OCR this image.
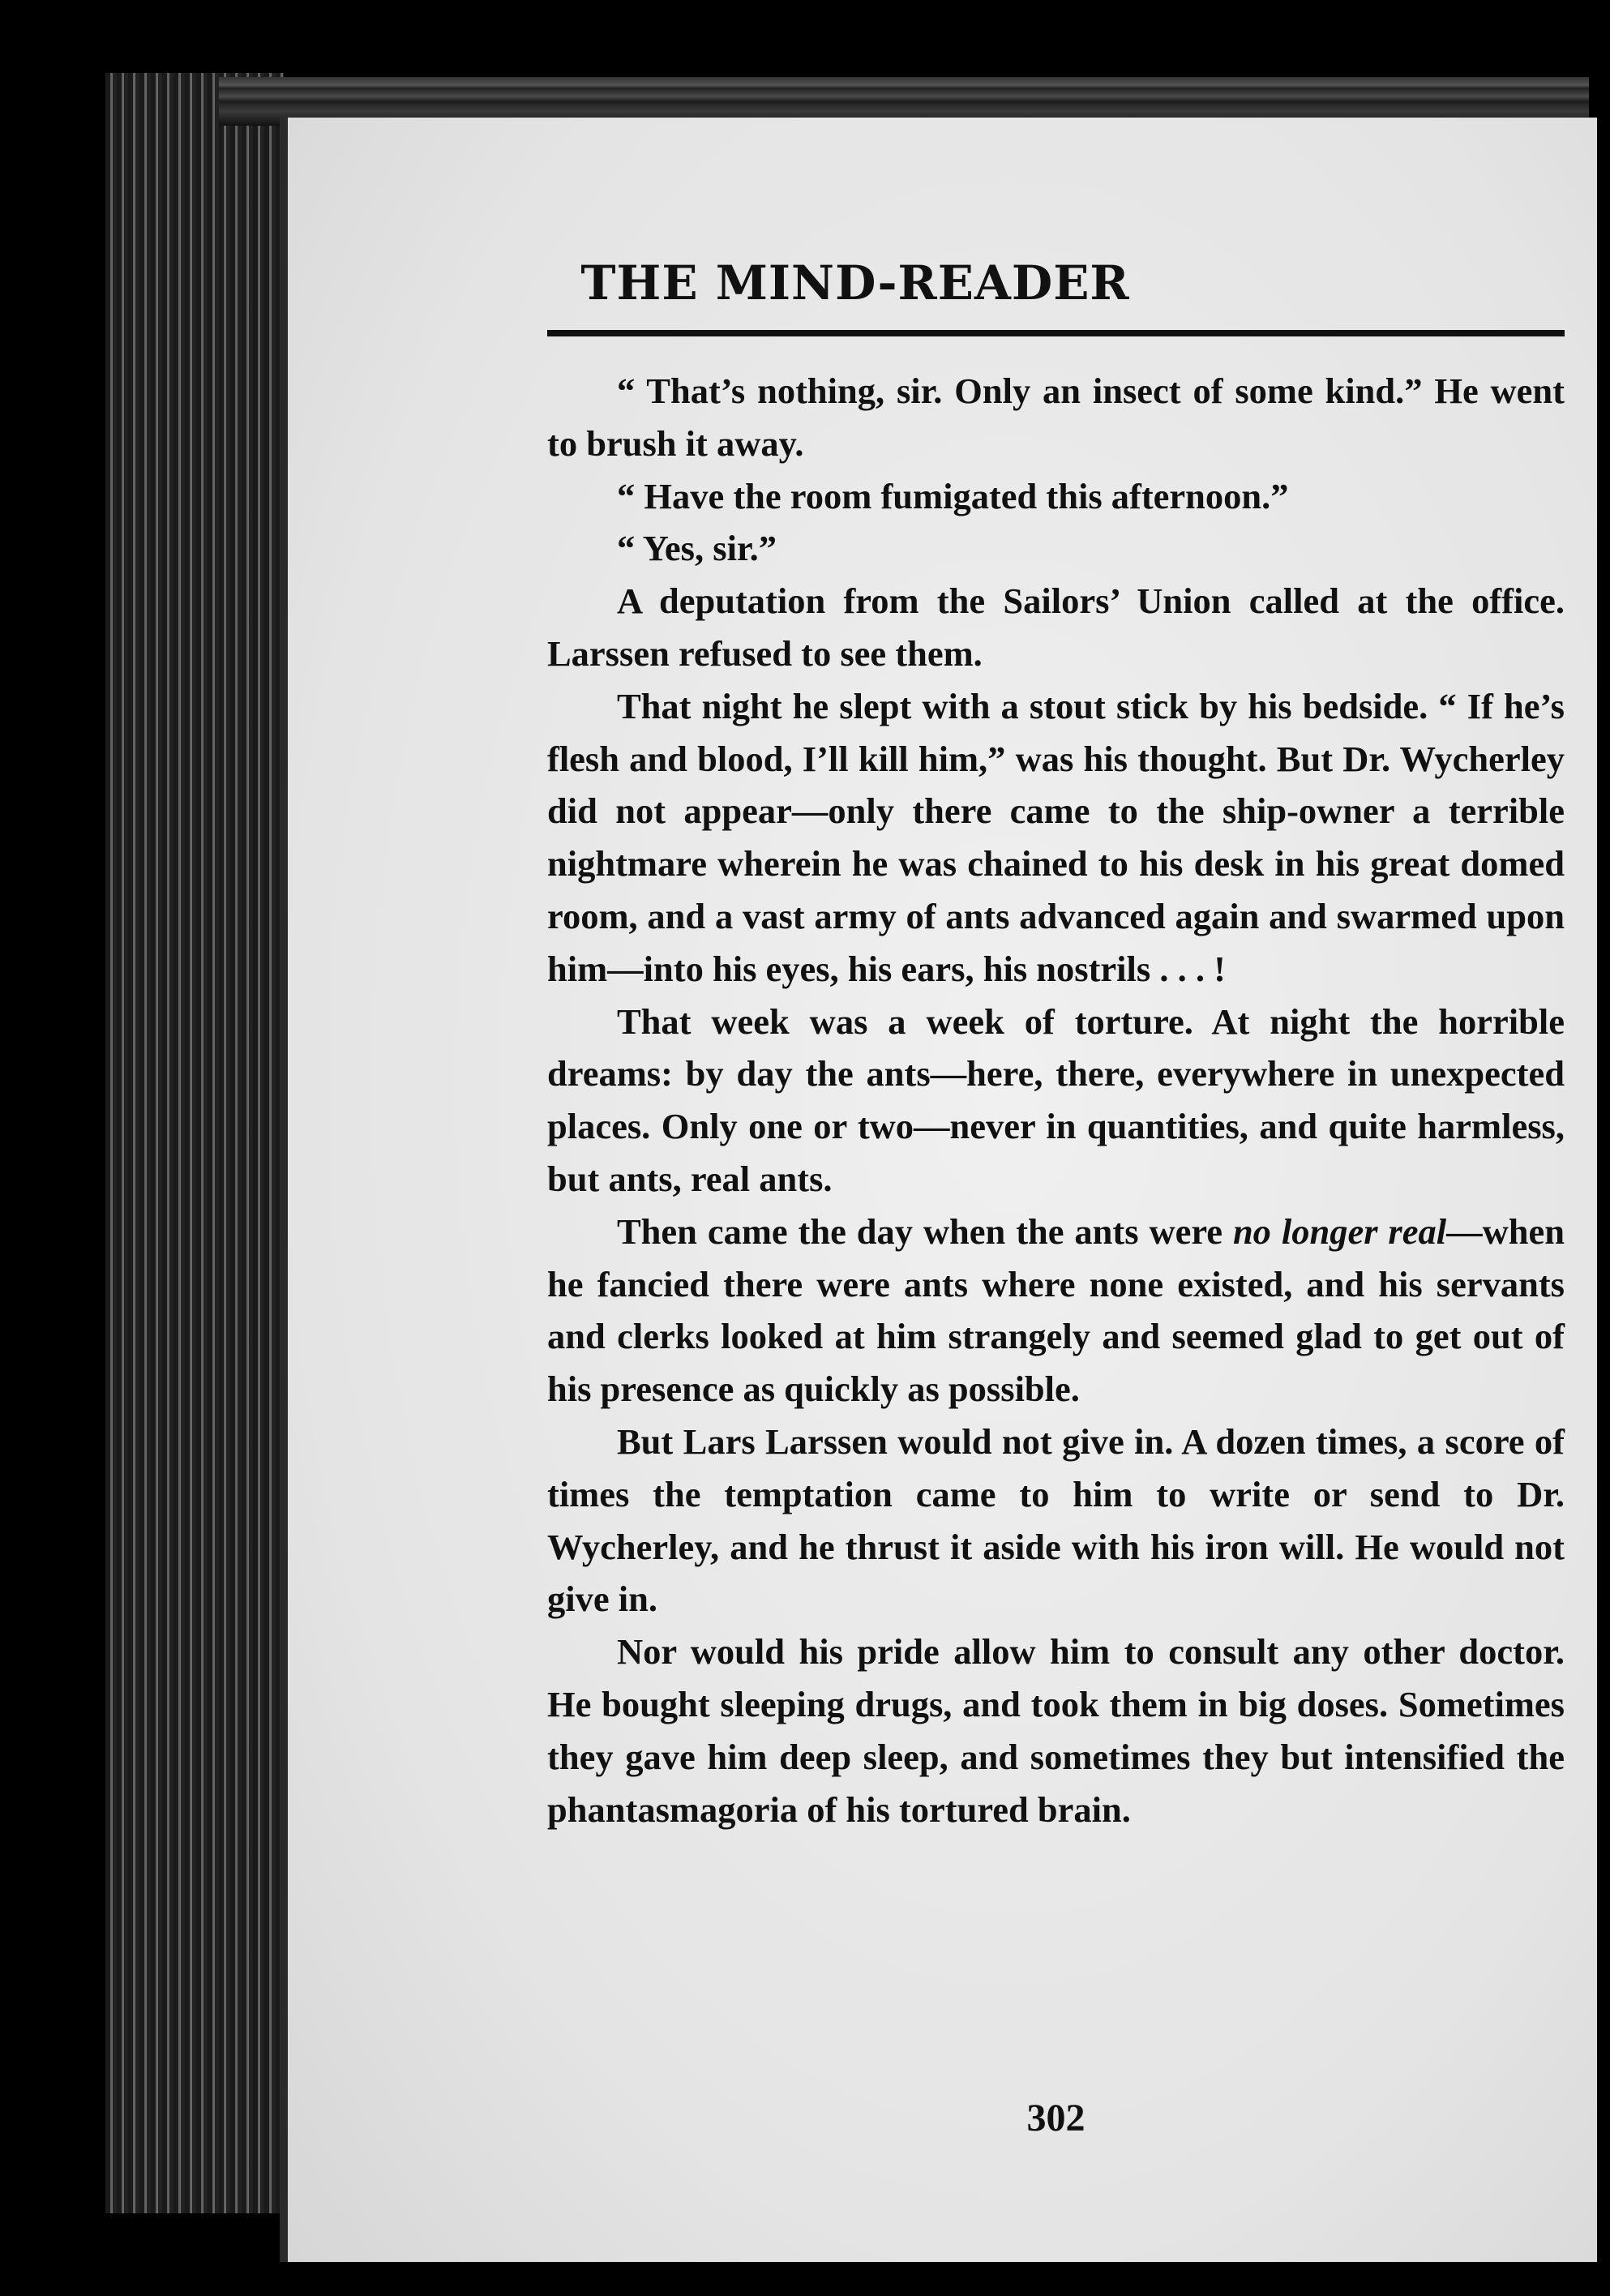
THE MIND-READER

“ That’s nothing, sir. Only an insect of some kind.” He went to brush it away.

“ Have the room fumigated this afternoon.”

“ Yes, sir.”

A deputation from the Sailors’ Union called at the office. Larssen refused to see them.

That night he slept with a stout stick by his bedside. “ If he’s flesh and blood, I’ll kill him,” was his thought. But Dr. Wycherley did not appear—only there came to the ship-owner a terrible nightmare wherein he was chained to his desk in his great domed room, and a vast army of ants advanced again and swarmed upon him—into his eyes, his ears, his nostrils . . . !

That week was a week of torture. At night the horrible dreams: by day the ants—here, there, everywhere in unexpected places. Only one or two—never in quantities, and quite harmless, but ants, real ants.

Then came the day when the ants were no longer real—when he fancied there were ants where none existed, and his servants and clerks looked at him strangely and seemed glad to get out of his presence as quickly as possible.

But Lars Larssen would not give in. A dozen times, a score of times the temptation came to him to write or send to Dr. Wycherley, and he thrust it aside with his iron will. He would not give in.

Nor would his pride allow him to consult any other doctor. He bought sleeping drugs, and took them in big doses. Sometimes they gave him deep sleep, and sometimes they but intensified the phantasmagoria of his tortured brain.

302
